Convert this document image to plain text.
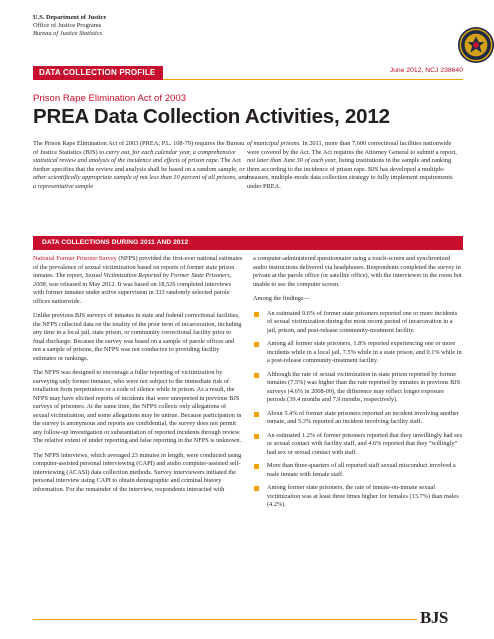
U.S. Department of Justice
Office of Justice Programs
Bureau of Justice Statistics
DATA COLLECTION PROFILE	June 2012, NCJ 238640
Prison Rape Elimination Act of 2003
PREA Data Collection Activities, 2012

The Prison Rape Elimination Act of 2003 (PREA; P.L. 108-79) requires the Bureau of Justice Statistics (BJS) to carry out, for each calendar year, a comprehensive statistical review and analysis of the incidence and effects of prison rape. The Act further specifies that the review and analysis shall be based on a random sample, or other scientifically appropriate sample of not less than 10 percent of all prisons, and a representative sample

of municipal prisons. In 2011, more than 7,600 correctional facilities nationwide were covered by the Act. The Act requires the Attorney General to submit a report, not later than June 30 of each year, listing institutions in the sample and ranking them according to the incidence of prison rape. BJS has developed a multiple-measure, multiple-mode data collection strategy to fully implement requirements under PREA.

DATA COLLECTIONS DURING 2011 AND 2012

National Former Prisoner Survey (NFPS) provided the first-ever national estimates of the prevalence of sexual victimization based on reports of former state prison inmates. The report, Sexual Victimization Reported by Former State Prisoners, 2008, was released in May 2012. It was based on 18,526 completed interviews with former inmates under active supervision in 333 randomly selected parole offices nationwide.

Unlike previous BJS surveys of inmates in state and federal correctional facilities, the NFPS collected data on the totality of the prior term of incarceration, including any time in a local jail, state prison, or community correctional facility prior to final discharge. Because the survey was based on a sample of parole offices and not a sample of prisons, the NFPS was not conducive to providing facility estimates or rankings.

The NFPS was designed to encourage a fuller reporting of victimization by surveying only former inmates, who were not subject to the immediate risk of retaliation from perpetrators or a code of silence while in prison. As a result, the NFPS may have elicited reports of incidents that were unreported in previous BJS surveys of prisoners. At the same time, the NFPS collects only allegations of sexual victimization, and some allegations may be untrue. Because participation in the survey is anonymous and reports are confidential, the survey does not permit any follow-up investigation or substantiation of reported incidents through review. The relative extent of under reporting and false reporting in the NFPS is unknown.

The NFPS interviews, which averaged 23 minutes in length, were conducted using computer-assisted personal interviewing (CAPI) and audio computer-assisted self-interviewing (ACASI) data collection methods. Survey interviewers initiated the personal interview using CAPI to obtain demographic and criminal history information. For the remainder of the interview, respondents interacted with

a computer-administered questionnaire using a touch-screen and synchronized audio instructions delivered via headphones. Respondents completed the survey in private at the parole office (or satellite office), with the interviewer in the room but unable to see the computer screen.

Among the findings—

An estimated 9.6% of former state prisoners reported one or more incidents of sexual victimization during the most recent period of incarceration in a jail, prison, and post-release community-treatment facility.
Among all former state prisoners, 1.8% reported experiencing one or more incidents while in a local jail, 7.5% while in a state prison, and 0.1% while in a post-release community-treatment facility.
Although the rate of sexual victimization in state prison reported by former inmates (7.5%) was higher than the rate reported by inmates in previous BJS surveys (4.6% in 2008-09), the difference may reflect longer exposure periods (39.4 months and 7.9 months, respectively).
About 5.4% of former state prisoners reported an incident involving another inmate, and 5.3% reported an incident involving facility staff.
An estimated 1.2% of former prisoners reported that they unwillingly had sex or sexual contact with facility staff, and 4.6% reported that they “willingly” had sex or sexual contact with staff.
More than three-quarters of all reported staff sexual misconduct involved a male inmate with female staff.
Among former state prisoners, the rate of inmate-on-inmate sexual victimization was at least three times higher for females (13.7%) than males (4.2%).
BJS
